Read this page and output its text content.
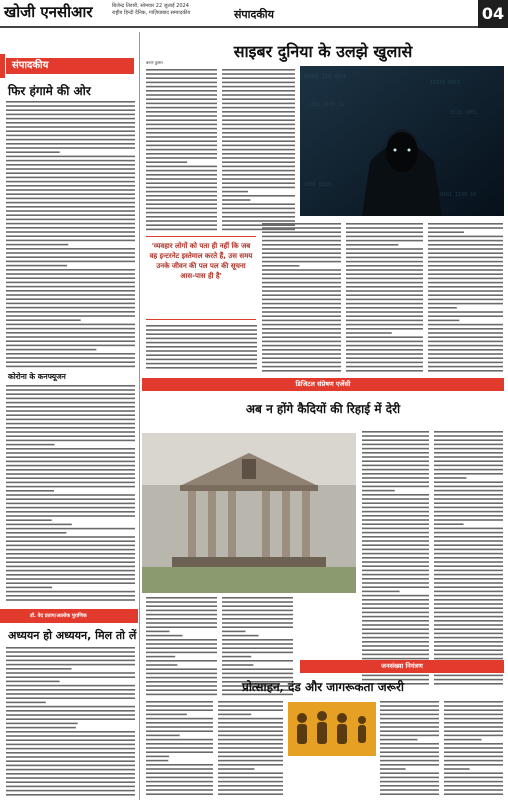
खोजी एनसीआर	बिजेन्द्र तिवारी, सोमवार 22 जुलाई 2024
राष्ट्रीय हिन्दी दैनिक, गाज़ियाबाद सम्पादकीय	संपादकीय	04
संपादकीय
फिर हंगामे की ओर
कोरोना के कनफ्यूजन
डॉ. वेद प्रताप/आलोक पुराणिक
अध्ययन हो अध्ययन, मिल तो लें
साइबर दुनिया के उलझे खुलासे
बरुण कुमार
01001 110 0101
10110 0011
1101 0100 11
0110 1001
1001 0110
0101 1100 10
'व्यवहार लोगों को पता ही नहीं कि जब वह इन्टरनेट इस्तेमाल करते हैं, उस समय उनके जीवन की पल पल की सूचना आस-पास ही है'
डिजिटल संप्रेषण एजेंसी
अब न होंगे कैदियों की रिहाई में देरी
जनसंख्या नियंत्रण
प्रोत्साहन, दंड और जागरूकता जरूरी
